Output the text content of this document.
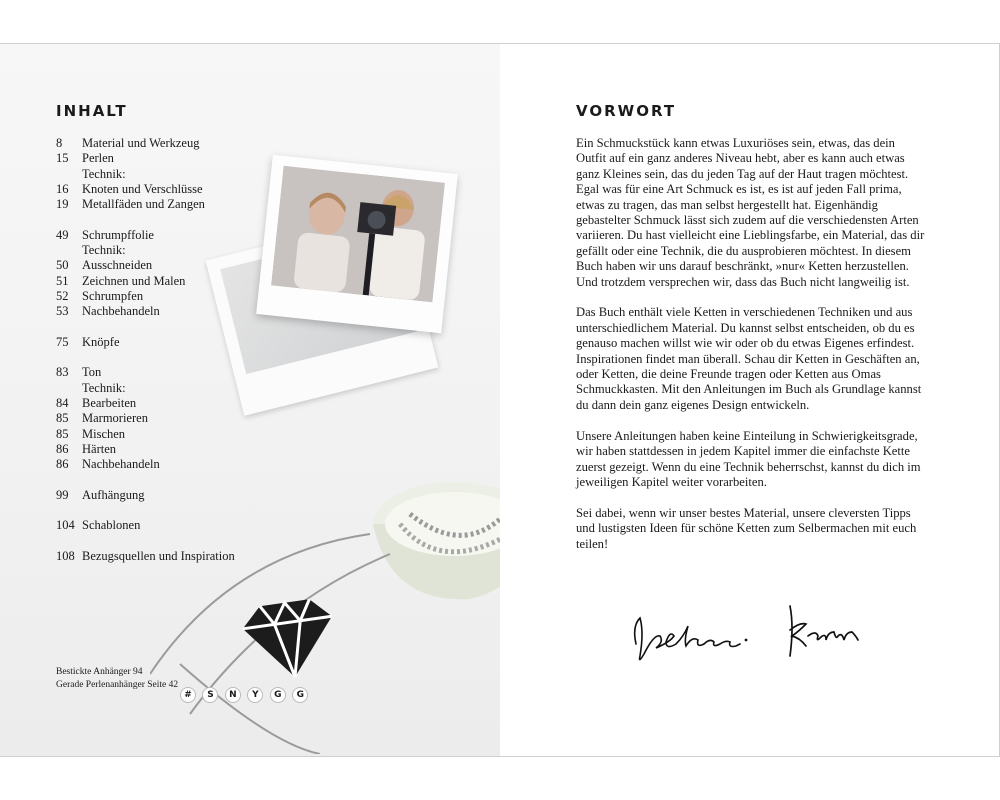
INHALT
# S N Y G G
8	Material und Werkzeug
15	Perlen
Technik:
16	Knoten und Verschlüsse
19	Metallfäden und Zangen
49	Schrumpffolie
Technik:
50	Ausschneiden
51	Zeichnen und Malen
52	Schrumpfen
53	Nachbehandeln
75	Knöpfe
83	Ton
Technik:
84	Bearbeiten
85	Marmorieren
85	Mischen
86	Härten
86	Nachbehandeln
99	Aufhängung
104 Schablonen
108 Bezugsquellen und Inspiration
Bestickte Anhänger 94
Gerade Perlenanhänger Seite 42
VORWORT

Ein Schmuckstück kann etwas Luxuriöses sein, etwas, das dein Outfit auf ein ganz anderes Niveau hebt, aber es kann auch etwas ganz Kleines sein, das du jeden Tag auf der Haut tragen möchtest. Egal was für eine Art Schmuck es ist, es ist auf jeden Fall prima, etwas zu tragen, das man selbst hergestellt hat. Eigenhändig gebastelter Schmuck lässt sich zudem auf die verschiedensten Arten variieren. Du hast vielleicht eine Lieblingsfarbe, ein Material, das dir gefällt oder eine Technik, die du ausprobieren möchtest. In diesem Buch haben wir uns darauf beschränkt, »nur« Ketten herzustellen. Und trotzdem versprechen wir, dass das Buch nicht langweilig ist.

Das Buch enthält viele Ketten in verschiedenen Techniken und aus unterschiedlichem Material. Du kannst selbst entscheiden, ob du es genauso machen willst wie wir oder ob du etwas Eigenes erfindest. Inspirationen findet man überall. Schau dir Ketten in Geschäften an, oder Ketten, die deine Freunde tragen oder Ketten aus Omas Schmuckkasten. Mit den Anleitungen im Buch als Grundlage kannst du dann dein ganz eigenes Design entwickeln.

Unsere Anleitungen haben keine Einteilung in Schwierigkeitsgrade, wir haben stattdessen in jedem Kapitel immer die einfachste Kette zuerst gezeigt. Wenn du eine Technik beherrschst, kannst du dich im jeweiligen Kapitel weiter vorarbeiten.

Sei dabei, wenn wir unser bestes Material, unsere cleversten Tipps und lustigsten Ideen für schöne Ketten zum Selbermachen mit euch teilen!
